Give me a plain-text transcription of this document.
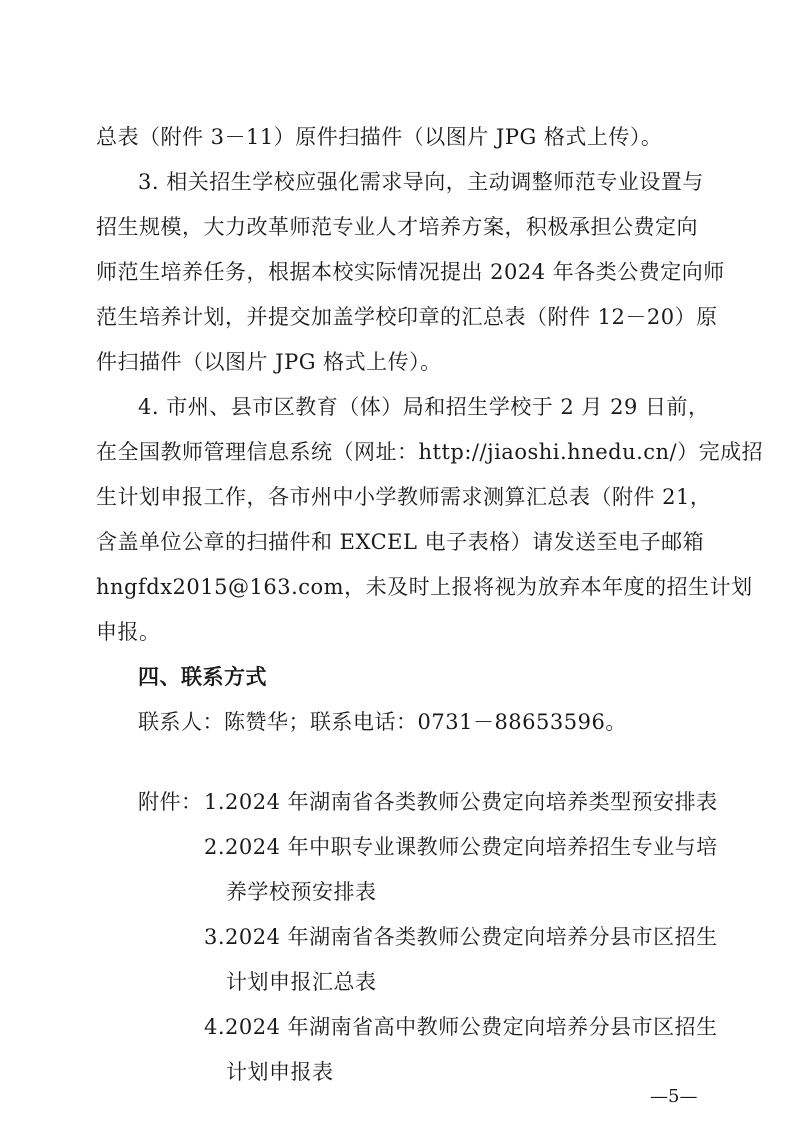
总表（附件 3－11）原件扫描件（以图片 JPG 格式上传）。
3. 相关招生学校应强化需求导向，主动调整师范专业设置与
招生规模，大力改革师范专业人才培养方案，积极承担公费定向
师范生培养任务，根据本校实际情况提出 2024 年各类公费定向师
范生培养计划，并提交加盖学校印章的汇总表（附件 12－20）原
件扫描件（以图片 JPG 格式上传）。
4. 市州、县市区教育（体）局和招生学校于 2 月 29 日前，
在全国教师管理信息系统（网址：http://jiaoshi.hnedu.cn/）完成招
生计划申报工作，各市州中小学教师需求测算汇总表（附件 21，
含盖单位公章的扫描件和 EXCEL 电子表格）请发送至电子邮箱
hngfdx2015@163.com，未及时上报将视为放弃本年度的招生计划
申报。
四、联系方式
联系人：陈赞华；联系电话：0731－88653596。
附件： 1.2024 年湖南省各类教师公费定向培养类型预安排表
2.2024 年中职专业课教师公费定向培养招生专业与培
养学校预安排表
3.2024 年湖南省各类教师公费定向培养分县市区招生
计划申报汇总表
4.2024 年湖南省高中教师公费定向培养分县市区招生
计划申报表
—5—
